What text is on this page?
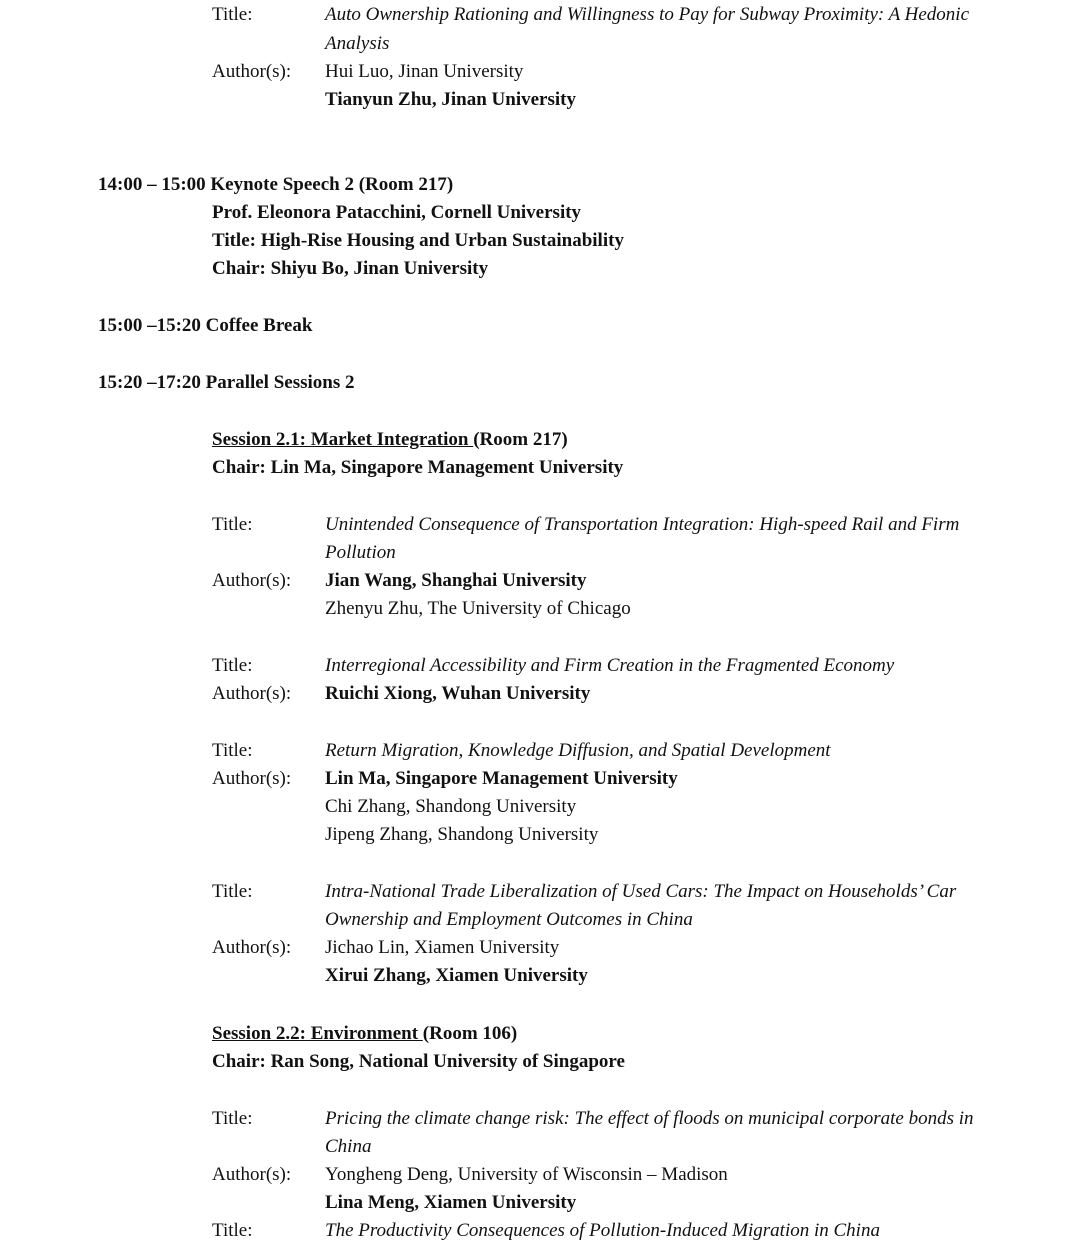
Title:	Auto Ownership Rationing and Willingness to Pay for Subway Proximity: A Hedonic
Analysis
Author(s): Hui Luo, Jinan University
Tianyun Zhu, Jinan University
14:00 – 15:00 Keynote Speech 2 (Room 217)
Prof. Eleonora Patacchini, Cornell University
Title: High-Rise Housing and Urban Sustainability
Chair: Shiyu Bo, Jinan University
15:00 –15:20 Coffee Break
15:20 –17:20 Parallel Sessions 2
Session 2.1: Market Integration (Room 217)
Chair: Lin Ma, Singapore Management University
Title:	Unintended Consequence of Transportation Integration: High-speed Rail and Firm
Pollution
Author(s): Jian Wang, Shanghai University
Zhenyu Zhu, The University of Chicago
Title:	Interregional Accessibility and Firm Creation in the Fragmented Economy
Author(s): Ruichi Xiong, Wuhan University
Title:	Return Migration, Knowledge Diffusion, and Spatial Development
Author(s): Lin Ma, Singapore Management University
Chi Zhang, Shandong University
Jipeng Zhang, Shandong University
Title:	Intra-National Trade Liberalization of Used Cars: The Impact on Households’ Car
Ownership and Employment Outcomes in China
Author(s): Jichao Lin, Xiamen University
Xirui Zhang, Xiamen University
Session 2.2: Environment (Room 106)
Chair: Ran Song, National University of Singapore
Title:	Pricing the climate change risk: The effect of floods on municipal corporate bonds in
China
Author(s): Yongheng Deng, University of Wisconsin – Madison
Lina Meng, Xiamen University
Title:	The Productivity Consequences of Pollution-Induced Migration in China
